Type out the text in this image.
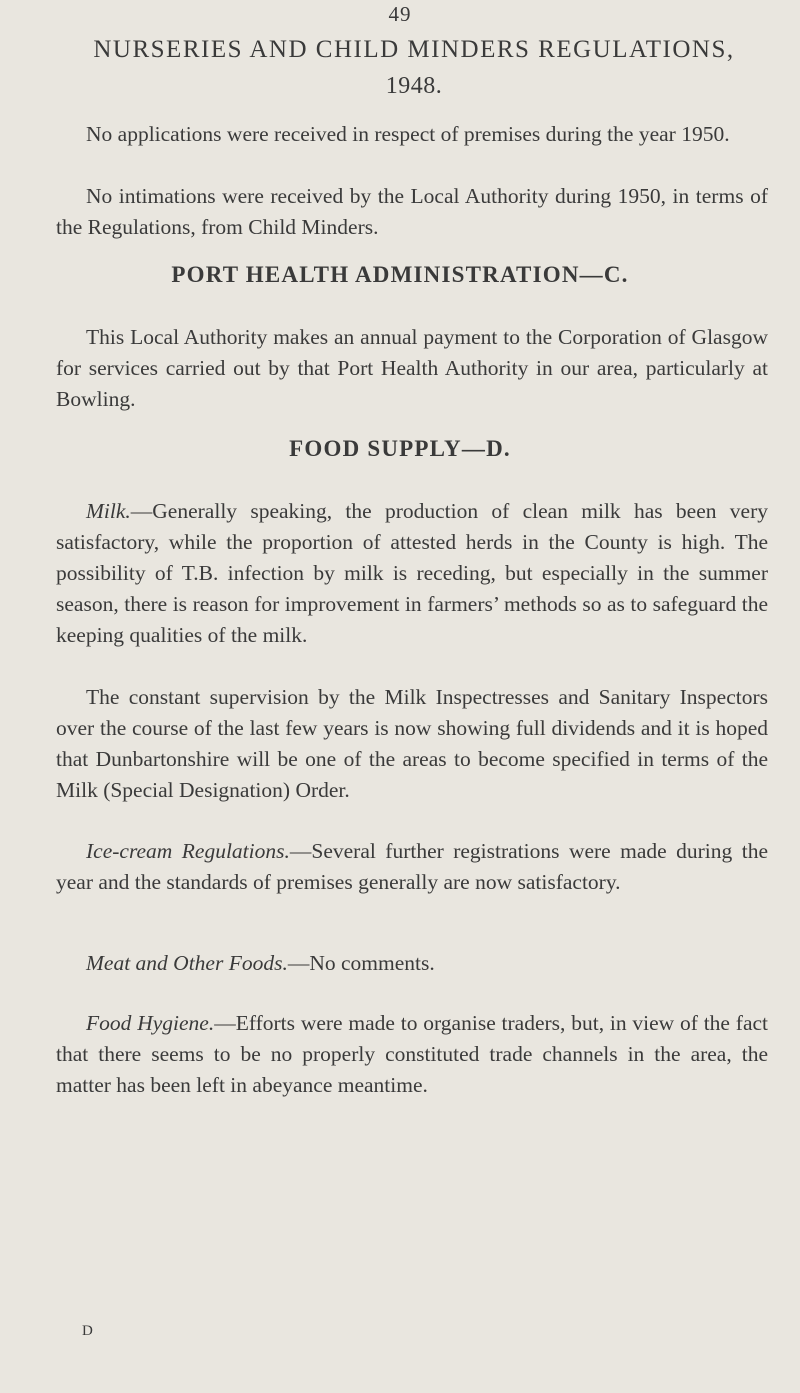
49
NURSERIES AND CHILD MINDERS REGULATIONS,
1948.

No applications were received in respect of premises during the year 1950.

No intimations were received by the Local Authority during 1950, in terms of the Regulations, from Child Minders.

PORT HEALTH ADMINISTRATION—C.

This Local Authority makes an annual payment to the Corporation of Glasgow for services carried out by that Port Health Authority in our area, particularly at Bowling.

FOOD SUPPLY—D.

Milk.—Generally speaking, the production of clean milk has been very satisfactory, while the proportion of attested herds in the County is high. The possibility of T.B. infection by milk is receding, but especially in the summer season, there is reason for improvement in farmers’ methods so as to safeguard the keeping qualities of the milk.

The constant supervision by the Milk Inspectresses and Sanitary Inspectors over the course of the last few years is now showing full dividends and it is hoped that Dunbartonshire will be one of the areas to become specified in terms of the Milk (Special Designation) Order.

Ice-cream Regulations.—Several further registrations were made during the year and the standards of premises generally are now satisfactory.

Meat and Other Foods.—No comments.

Food Hygiene.—Efforts were made to organise traders, but, in view of the fact that there seems to be no properly constituted trade channels in the area, the matter has been left in abeyance meantime.

D
